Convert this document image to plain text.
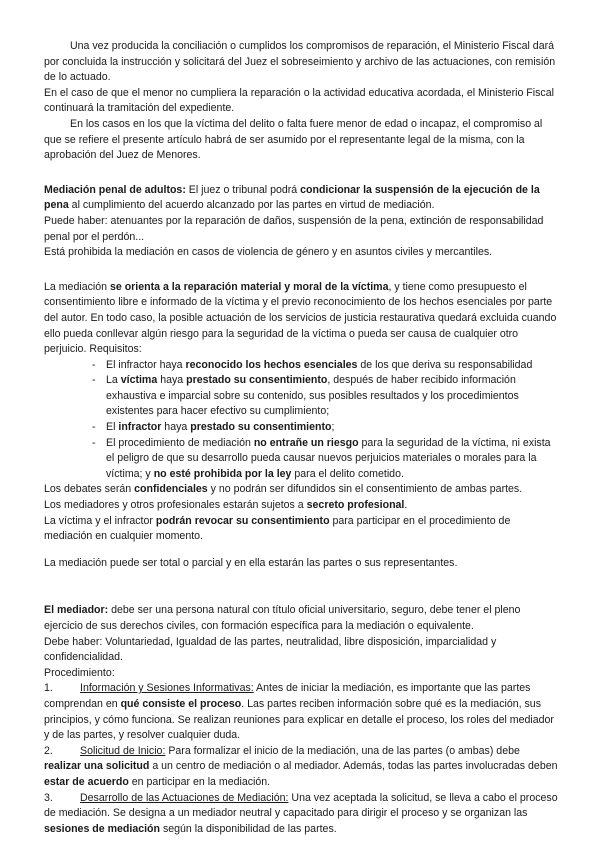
Una vez producida la conciliación o cumplidos los compromisos de reparación, el Ministerio Fiscal dará por concluida la instrucción y solicitará del Juez el sobreseimiento y archivo de las actuaciones, con remisión de lo actuado.

En el caso de que el menor no cumpliera la reparación o la actividad educativa acordada, el Ministerio Fiscal continuará la tramitación del expediente.

En los casos en los que la víctima del delito o falta fuere menor de edad o incapaz, el compromiso al que se refiere el presente artículo habrá de ser asumido por el representante legal de la misma, con la aprobación del Juez de Menores.

Mediación penal de adultos: El juez o tribunal podrá condicionar la suspensión de la ejecución de la pena al cumplimiento del acuerdo alcanzado por las partes en virtud de mediación.

Puede haber: atenuantes por la reparación de daños, suspensión de la pena, extinción de responsabilidad penal por el perdón...

Está prohibida la mediación en casos de violencia de género y en asuntos civiles y mercantiles.

La mediación se orienta a la reparación material y moral de la víctima, y tiene como presupuesto el consentimiento libre e informado de la víctima y el previo reconocimiento de los hechos esenciales por parte del autor. En todo caso, la posible actuación de los servicios de justicia restaurativa quedará excluida cuando ello pueda conllevar algún riesgo para la seguridad de la víctima o pueda ser causa de cualquier otro perjuicio. Requisitos:

- El infractor haya reconocido los hechos esenciales de los que deriva su responsabilidad
- La víctima haya prestado su consentimiento, después de haber recibido información exhaustiva e imparcial sobre su contenido, sus posibles resultados y los procedimientos existentes para hacer efectivo su cumplimiento;
- El infractor haya prestado su consentimiento;
- El procedimiento de mediación no entrañe un riesgo para la seguridad de la víctima, ni exista el peligro de que su desarrollo pueda causar nuevos perjuicios materiales o morales para la víctima; y no esté prohibida por la ley para el delito cometido.

Los debates serán confidenciales y no podrán ser difundidos sin el consentimiento de ambas partes.

Los mediadores y otros profesionales estarán sujetos a secreto profesional.

La víctima y el infractor podrán revocar su consentimiento para participar en el procedimiento de mediación en cualquier momento.

La mediación puede ser total o parcial y en ella estarán las partes o sus representantes.

El mediador: debe ser una persona natural con título oficial universitario, seguro, debe tener el pleno ejercicio de sus derechos civiles, con formación específica para la mediación o equivalente.

Debe haber: Voluntariedad, Igualdad de las partes, neutralidad, libre disposición, imparcialidad y confidencialidad.

Procedimiento:

1.	Información y Sesiones Informativas: Antes de iniciar la mediación, es importante que las partes comprendan en qué consiste el proceso. Las partes reciben información sobre qué es la mediación, sus principios, y cómo funciona. Se realizan reuniones para explicar en detalle el proceso, los roles del mediador y de las partes, y resolver cualquier duda.
2.	Solicitud de Inicio: Para formalizar el inicio de la mediación, una de las partes (o ambas) debe realizar una solicitud a un centro de mediación o al mediador. Además, todas las partes involucradas deben estar de acuerdo en participar en la mediación.
3.	Desarrollo de las Actuaciones de Mediación: Una vez aceptada la solicitud, se lleva a cabo el proceso de mediación. Se designa a un mediador neutral y capacitado para dirigir el proceso y se organizan las sesiones de mediación según la disponibilidad de las partes.
